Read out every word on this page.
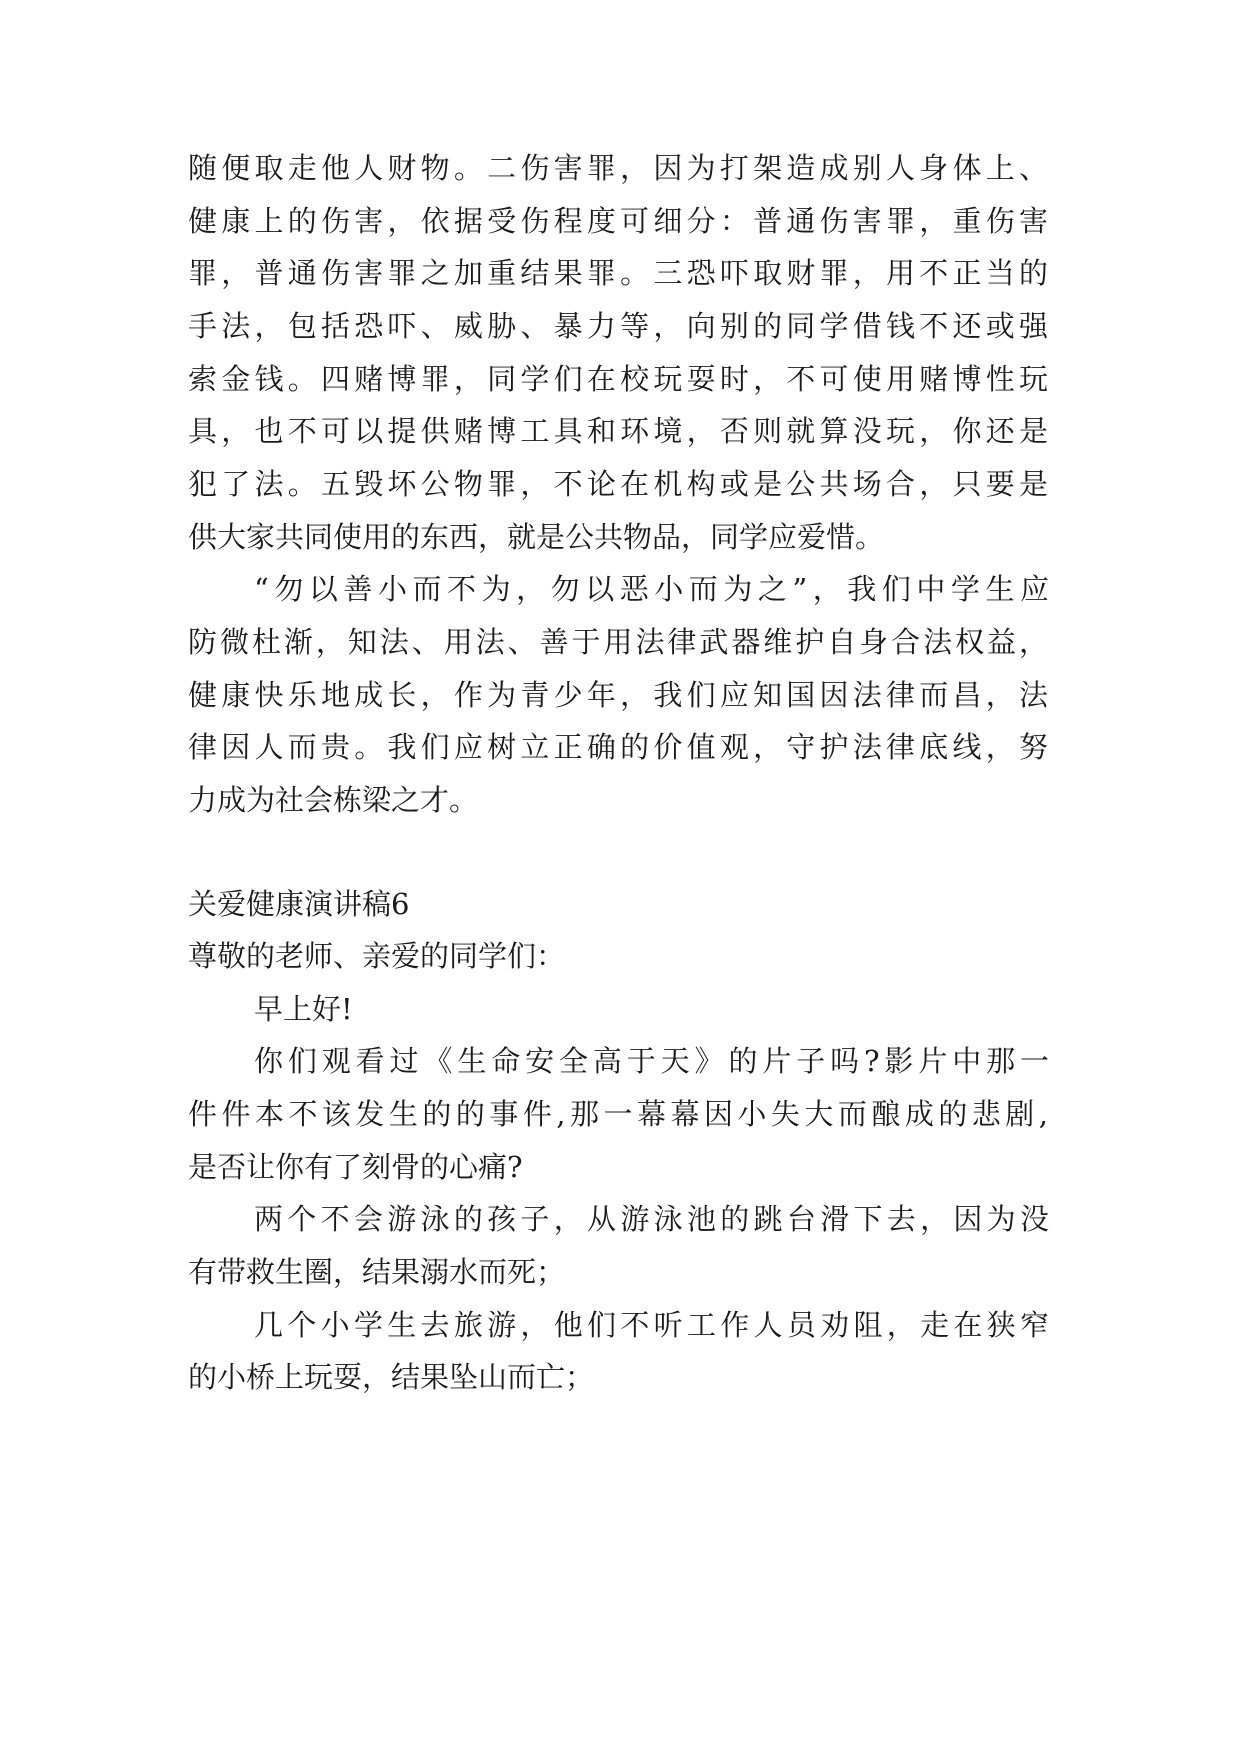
随便取走他人财物。二伤害罪，因为打架造成别人身体上、
健康上的伤害，依据受伤程度可细分：普通伤害罪，重伤害
罪，普通伤害罪之加重结果罪。三恐吓取财罪，用不正当的
手法，包括恐吓、威胁、暴力等，向别的同学借钱不还或强
索金钱。四赌博罪，同学们在校玩耍时，不可使用赌博性玩
具，也不可以提供赌博工具和环境，否则就算没玩，你还是
犯了法。五毁坏公物罪，不论在机构或是公共场合，只要是
供大家共同使用的东西，就是公共物品，同学应爱惜。
“勿以善小而不为，勿以恶小而为之”，我们中学生应
防微杜渐，知法、用法、善于用法律武器维护自身合法权益，
健康快乐地成长，作为青少年，我们应知国因法律而昌，法
律因人而贵。我们应树立正确的价值观，守护法律底线，努
力成为社会栋梁之才。
关爱健康演讲稿6
尊敬的老师、亲爱的同学们：
早上好!
你们观看过《生命安全高于天》的片子吗?影片中那一
件件本不该发生的的事件,那一幕幕因小失大而酿成的悲剧,
是否让你有了刻骨的心痛?
两个不会游泳的孩子，从游泳池的跳台滑下去，因为没
有带救生圈，结果溺水而死；
几个小学生去旅游，他们不听工作人员劝阻，走在狭窄
的小桥上玩耍，结果坠山而亡；
